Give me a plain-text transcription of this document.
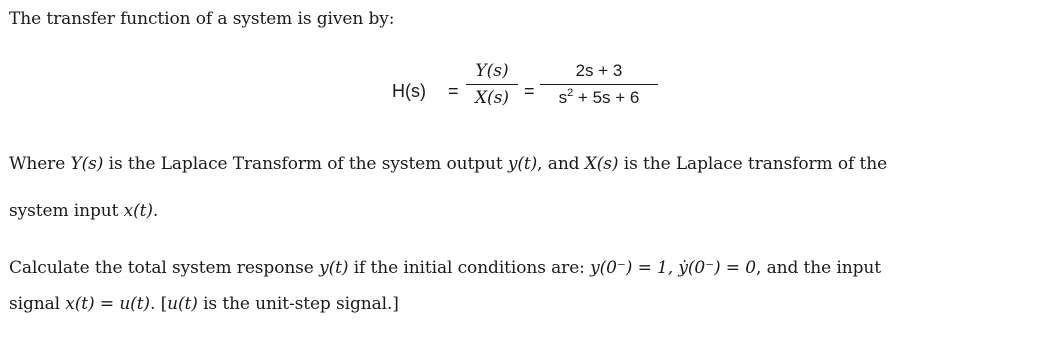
The transfer function of a system is given by:
H(s) =
Y(s)
X(s) =
2s + 3
$s^2 + 5s + 6$
Where Y(s) is the Laplace Transform of the system output y(t), and X(s) is the Laplace transform of the
system input x(t).
Calculate the total system response y(t) if the initial conditions are: y(0⁻) = 1, ẏ(0⁻) = 0, and the input
signal x(t) = u(t). [u(t) is the unit-step signal.]
